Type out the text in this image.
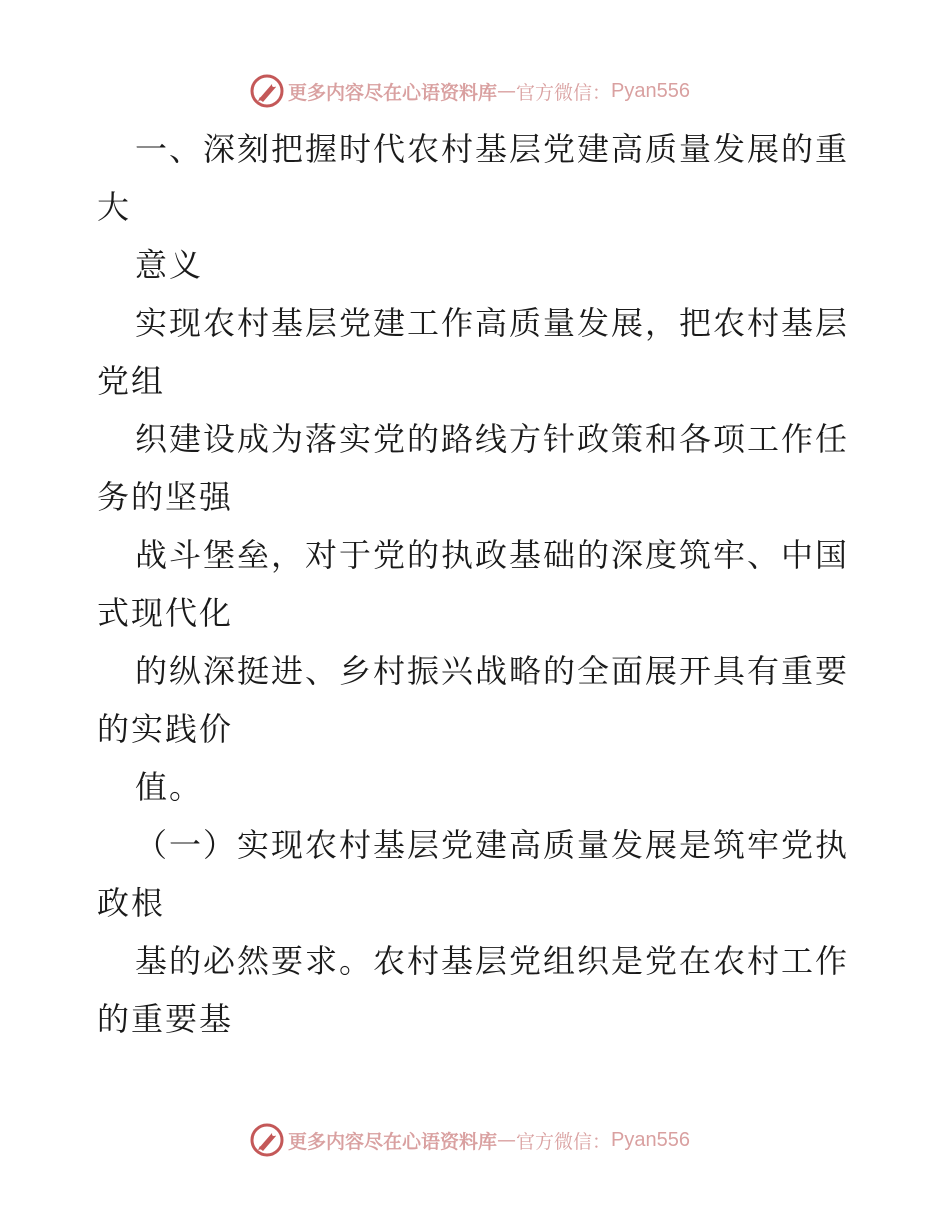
更多内容尽在心语资料库 — 官方微信： Pyan556
一、深刻把握时代农村基层党建高质量发展的重
大
意义
实现农村基层党建工作高质量发展，把农村基层
党组
织建设成为落实党的路线方针政策和各项工作任
务的坚强
战斗堡垒，对于党的执政基础的深度筑牢、中国
式现代化
的纵深挺进、乡村振兴战略的全面展开具有重要
的实践价
值。
（一）实现农村基层党建高质量发展是筑牢党执
政根
基的必然要求。农村基层党组织是党在农村工作
的重要基
更多内容尽在心语资料库 — 官方微信： Pyan556
